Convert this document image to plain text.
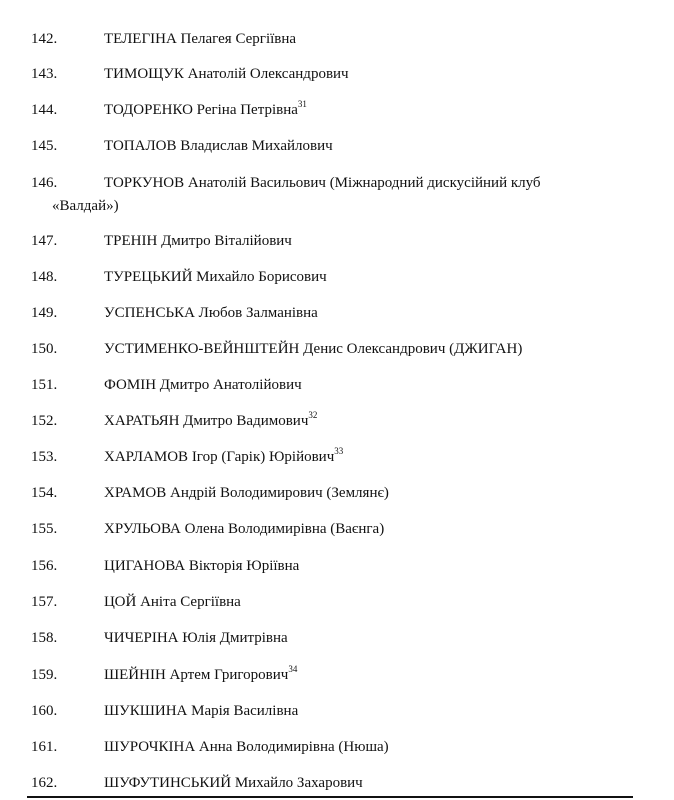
142.	ТЕЛЕГІНА Пелагея Сергіївна
143.	ТИМОЩУК Анатолій Олександрович
144.	ТОДОРЕНКО Регіна Петрівна$^{31}$
145.	ТОПАЛОВ Владислав Михайлович
146.	ТОРКУНОВ Анатолій Васильович (Міжнародний дискусійний клуб
«Валдай»)
147.	ТРЕНІН Дмитро Віталійович
148.	ТУРЕЦЬКИЙ Михайло Борисович
149.	УСПЕНСЬКА Любов Залманівна
150.	УСТИМЕНКО-ВЕЙНШТЕЙН Денис Олександрович (ДЖИГАН)
151.	ФОМІН Дмитро Анатолійович
152.	ХАРАТЬЯН Дмитро Вадимович$^{32}$
153.	ХАРЛАМОВ Ігор (Гарік) Юрійович$^{33}$
154.	ХРАМОВ Андрій Володимирович (Землянє)
155.	ХРУЛЬОВА Олена Володимирівна (Ваєнга)
156.	ЦИГАНОВА Вікторія Юріївна
157.	ЦОЙ Аніта Сергіївна
158.	ЧИЧЕРІНА Юлія Дмитрівна
159.	ШЕЙНІН Артем Григорович$^{34}$
160.	ШУКШИНА Марія Василівна
161.	ШУРОЧКІНА Анна Володимирівна (Нюша)
162.	ШУФУТИНСЬКИЙ Михайло Захарович
